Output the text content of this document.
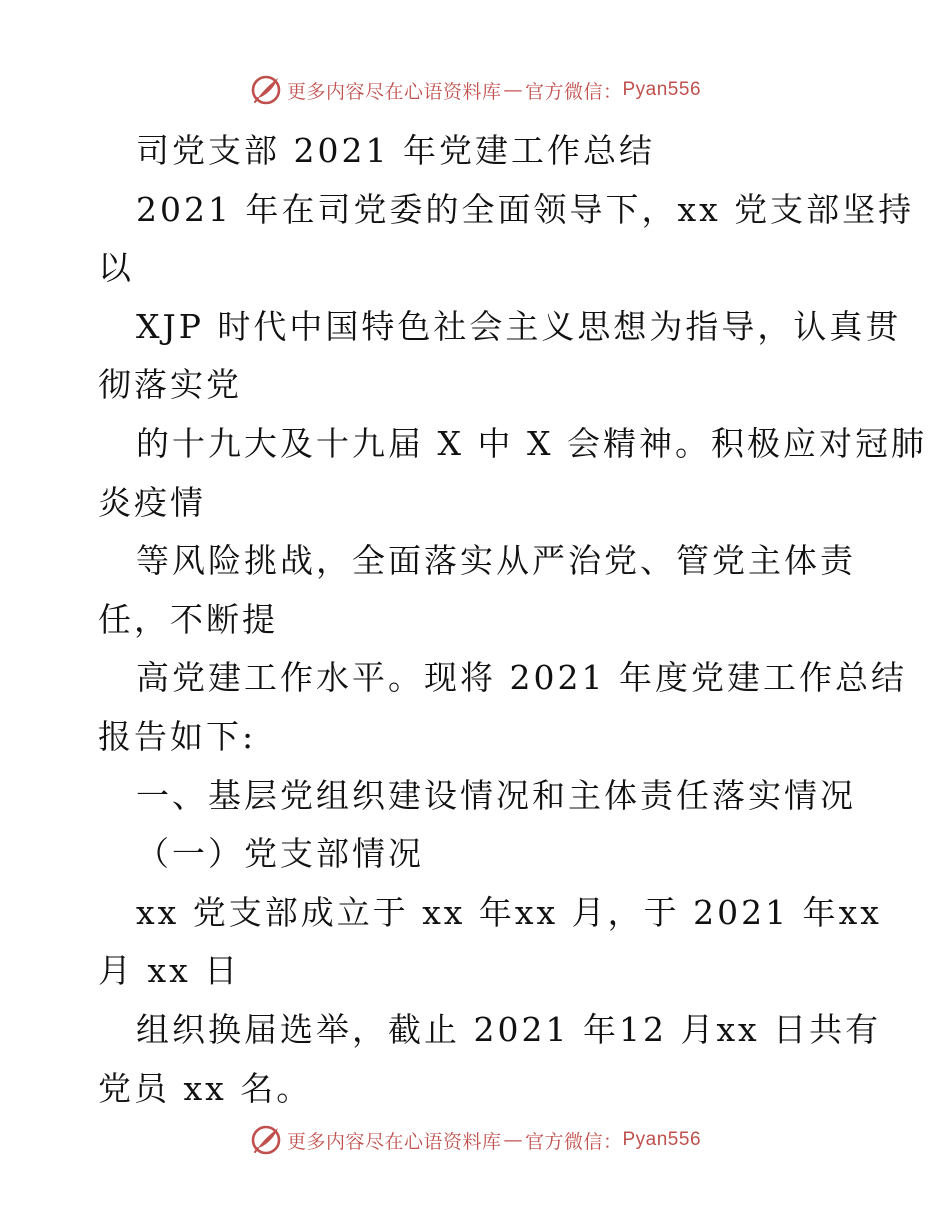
更多内容尽在心语资料库 — 官方微信： Pyan556
司党支部 2021 年党建工作总结
2021 年在司党委的全面领导下，xx 党支部坚持
以
XJP 时代中国特色社会主义思想为指导，认真贯
彻落实党
的十九大及十九届 X 中 X 会精神。积极应对冠肺
炎疫情
等风险挑战，全面落实从严治党、管党主体责
任，不断提
高党建工作水平。现将 2021 年度党建工作总结
报告如下:
一、基层党组织建设情况和主体责任落实情况
（一）党支部情况
xx 党支部成立于 xx 年xx 月，于 2021 年xx
月 xx 日
组织换届选举，截止 2021 年12 月xx 日共有
党员 xx 名。
更多内容尽在心语资料库 — 官方微信： Pyan556
